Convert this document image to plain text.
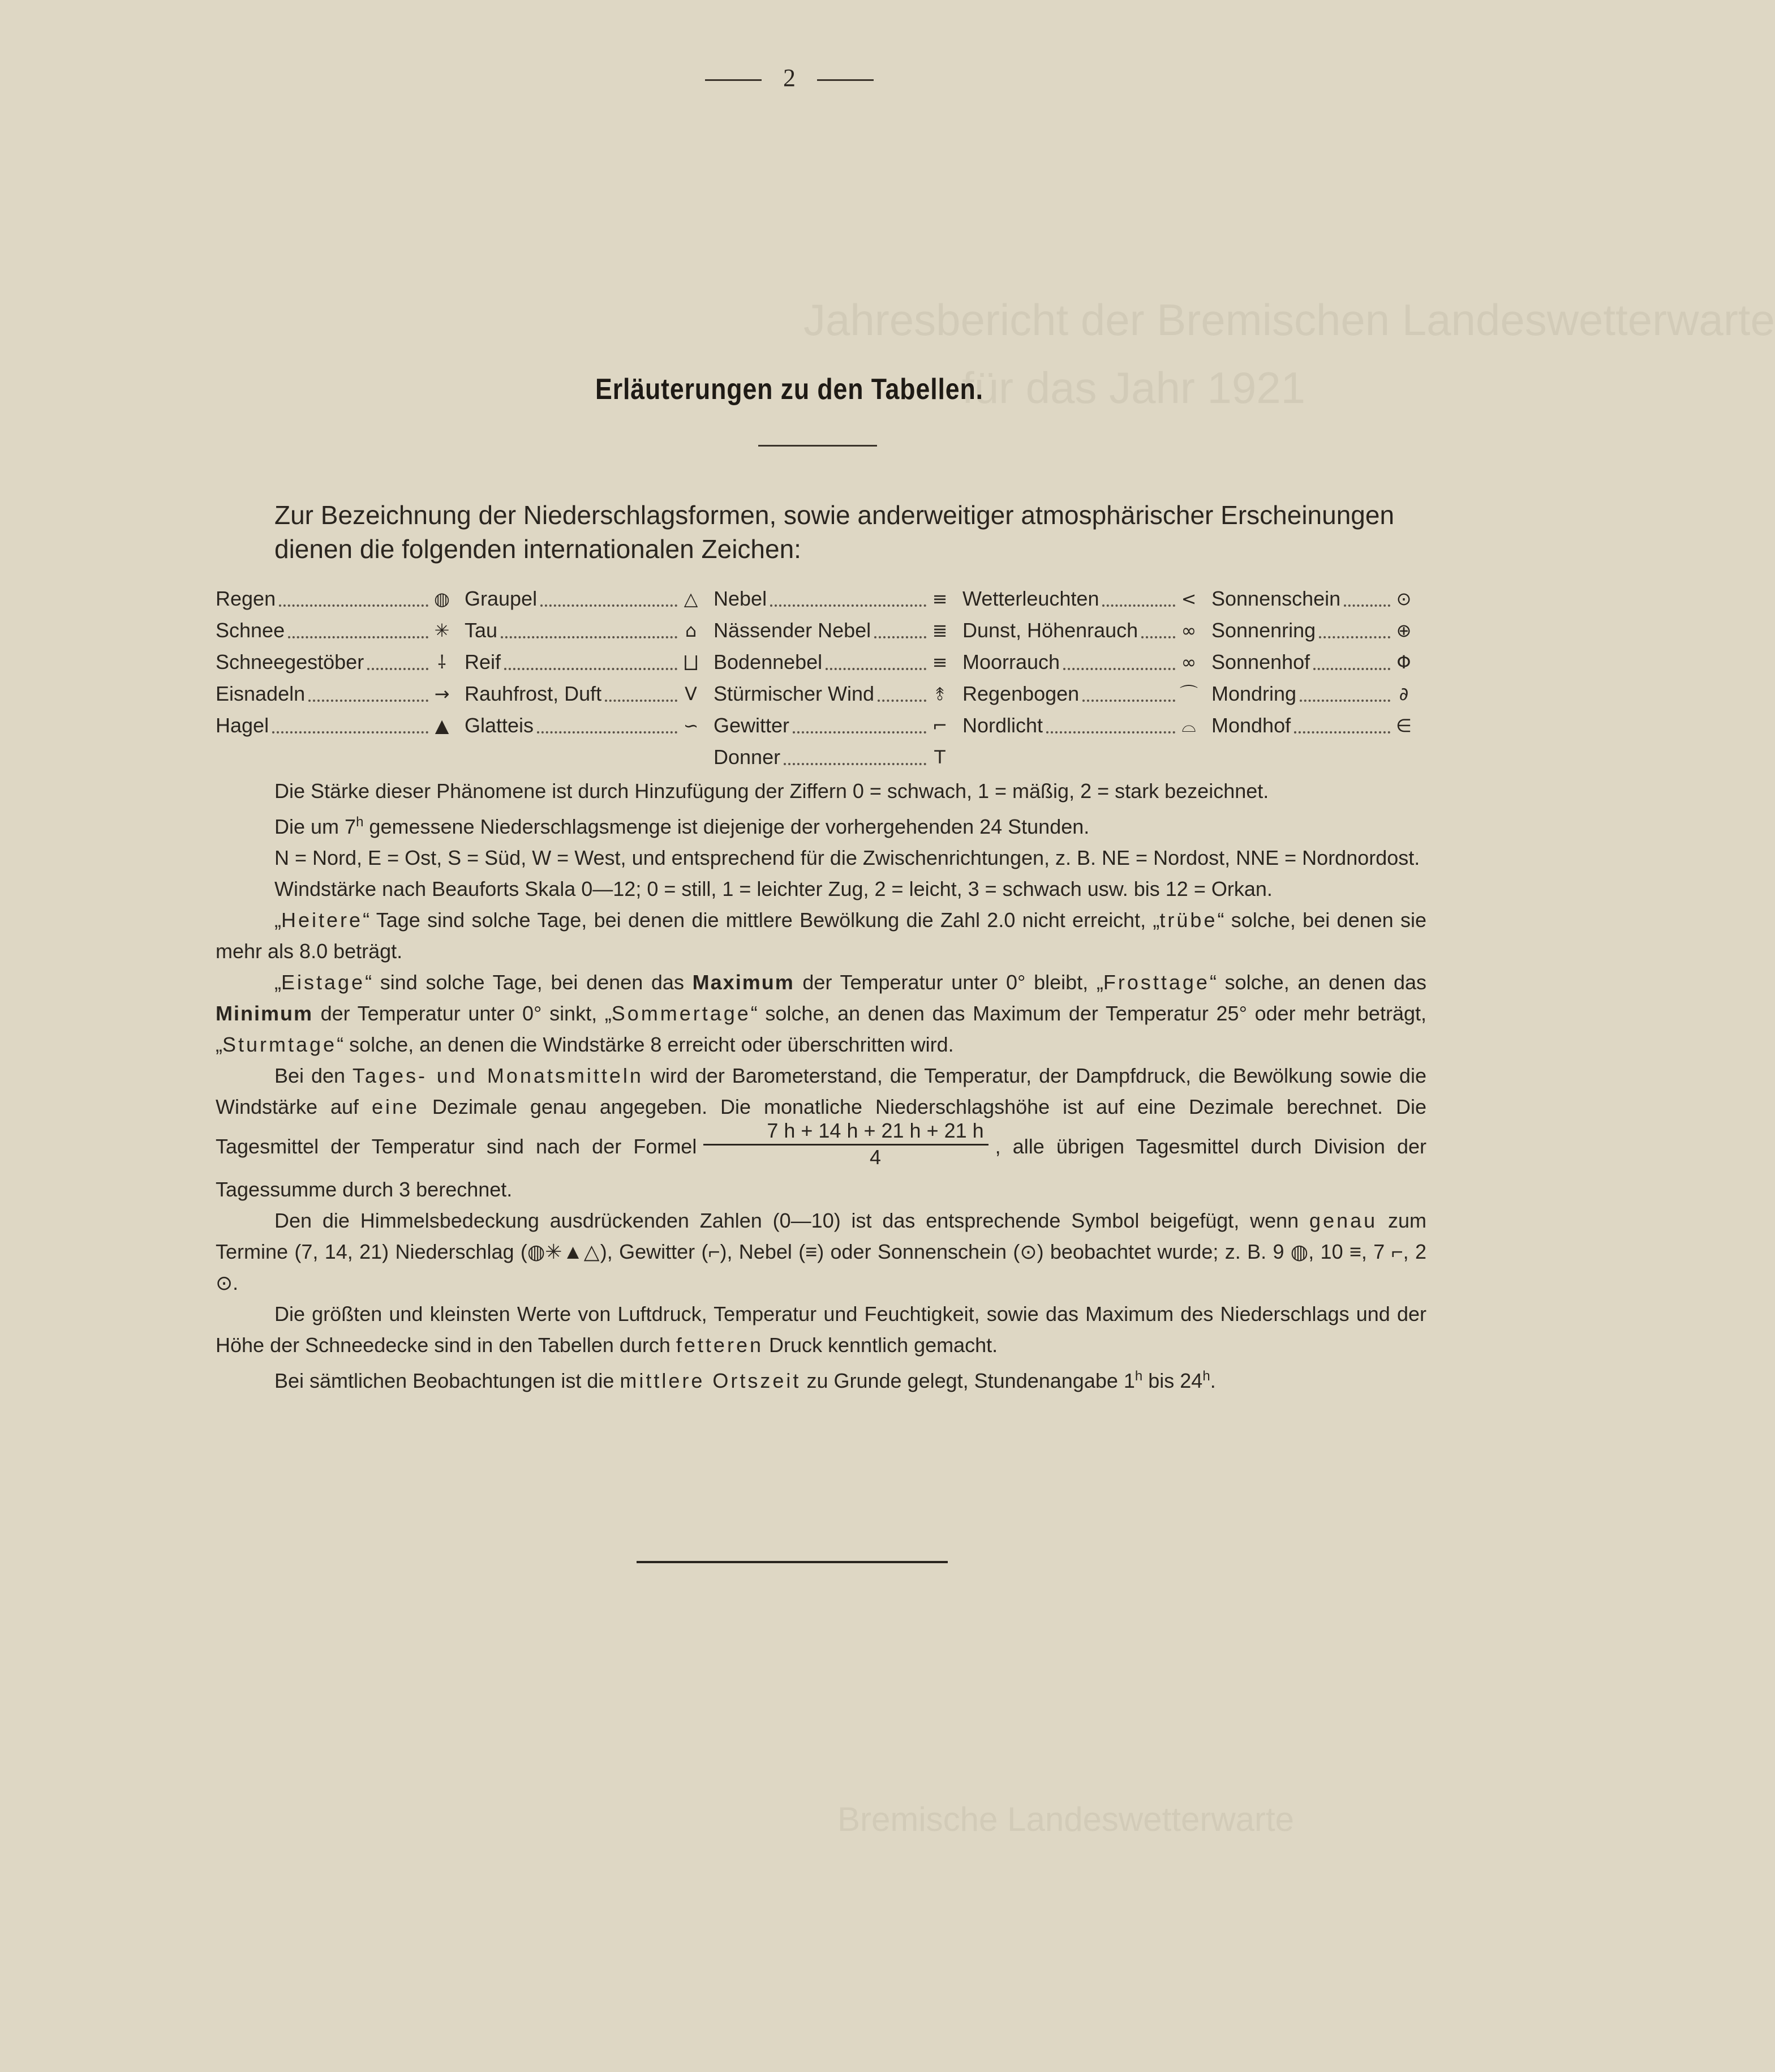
Jahresbericht der Bremischen Landeswetterwarte
für das Jahr 1921
Bremische Landeswetterwarte
2
Erläuterungen zu den Tabellen.
Zur Bezeichnung der Niederschlagsformen, sowie anderweitiger atmosphärischer Erscheinungen dienen die folgenden internationalen Zeichen:
Regen	◍
Schnee	✳
Schneegestöber	⸸
Eisnadeln	→
Hagel	▲
Graupel	△
Tau	⌂
Reif	⨆
Rauhfrost, Duft	V
Glatteis	∽
Nebel	≡
Nässender Nebel	≣
Bodennebel	≡
Stürmischer Wind	⥉
Gewitter	⌐
Donner	T
Wetterleuchten	<
Dunst, Höhenrauch ∞
Moorrauch	∞
Regenbogen	⌒
Nordlicht	⌓
Sonnenschein	⊙
Sonnenring	⊕
Sonnenhof	Φ
Mondring	∂
Mondhof	∈

Die Stärke dieser Phänomene ist durch Hinzufügung der Ziffern 0 = schwach, 1 = mäßig, 2 = stark bezeichnet.

Die um 7$^h$ gemessene Niederschlagsmenge ist diejenige der vorhergehenden 24 Stunden.

N = Nord, E = Ost, S = Süd, W = West, und entsprechend für die Zwischenrichtungen, z. B. NE = Nordost, NNE = Nordnordost.

Windstärke nach Beauforts Skala 0—12; 0 = still, 1 = leichter Zug, 2 = leicht, 3 = schwach usw. bis 12 = Orkan.

„Heitere“ Tage sind solche Tage, bei denen die mittlere Bewölkung die Zahl 2.0 nicht erreicht, „trübe“ solche, bei denen sie mehr als 8.0 beträgt.

„Eistage“ sind solche Tage, bei denen das Maximum der Temperatur unter 0° bleibt, „Frosttage“ solche, an denen das Minimum der Temperatur unter 0° sinkt, „Sommertage“ solche, an denen das Maximum der Temperatur 25° oder mehr beträgt, „Sturmtage“ solche, an denen die Windstärke 8 erreicht oder überschritten wird.

Bei den Tages- und Monatsmitteln wird der Barometerstand, die Temperatur, der Dampfdruck, die Bewölkung sowie die Windstärke auf eine Dezimale genau angegeben. Die monatliche Niederschlagshöhe ist auf eine Dezimale berechnet. Die Tagesmittel der Temperatur sind nach der Formel $\frac{7 h + 14 h + 21 h + 21 h}{4}$ , alle übrigen Tagesmittel durch Division der Tagessumme durch 3 berechnet.

Den die Himmelsbedeckung ausdrückenden Zahlen (0—10) ist das entsprechende Symbol beigefügt, wenn genau zum Termine (7, 14, 21) Niederschlag (◍✳▲△), Gewitter (⌐), Nebel (≡) oder Sonnenschein (⊙) beobachtet wurde; z. B. 9 ◍, 10 ≡, 7 ⌐, 2 ⊙.

Die größten und kleinsten Werte von Luftdruck, Temperatur und Feuchtigkeit, sowie das Maximum des Niederschlags und der Höhe der Schneedecke sind in den Tabellen durch fetteren Druck kenntlich gemacht.

Bei sämtlichen Beobachtungen ist die mittlere Ortszeit zu Grunde gelegt, Stundenangabe 1$^h$ bis 24$^h$.
